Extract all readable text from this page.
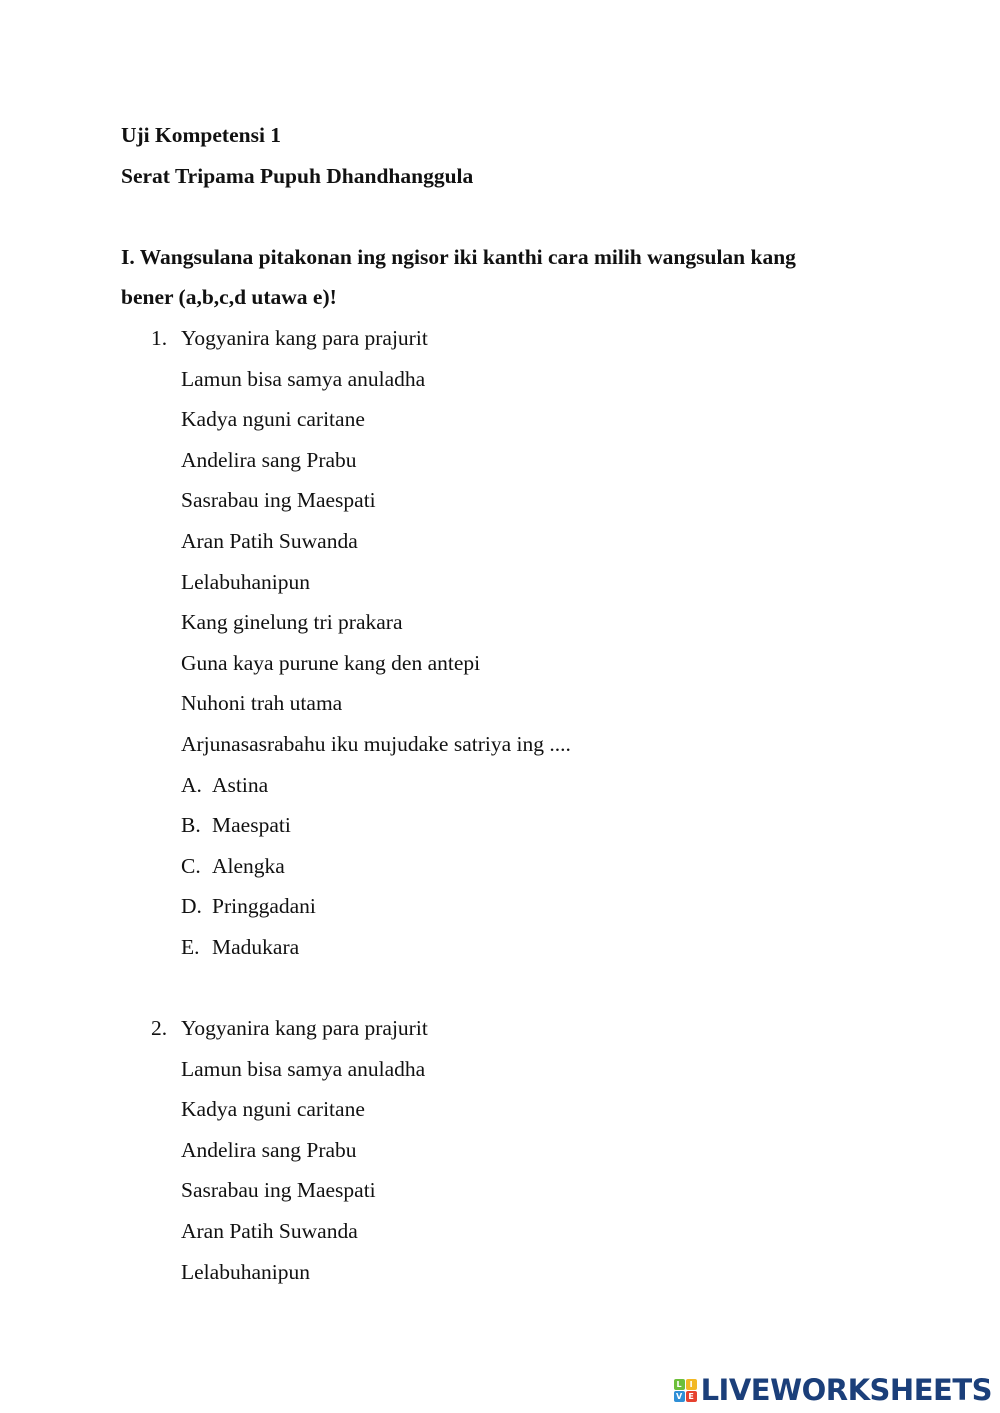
Uji Kompetensi 1
Serat Tripama Pupuh Dhandhanggula
I. Wangsulana pitakonan ing ngisor iki kanthi cara milih wangsulan kang
bener (a,b,c,d utawa e)!
1. Yogyanira kang para prajurit
Lamun bisa samya anuladha
Kadya nguni caritane
Andelira sang Prabu
Sasrabau ing Maespati
Aran Patih Suwanda
Lelabuhanipun
Kang ginelung tri prakara
Guna kaya purune kang den antepi
Nuhoni trah utama
Arjunasasrabahu iku mujudake satriya ing ....
A. Astina
B. Maespati
C. Alengka
D. Pringgadani
E. Madukara
2. Yogyanira kang para prajurit
Lamun bisa samya anuladha
Kadya nguni caritane
Andelira sang Prabu
Sasrabau ing Maespati
Aran Patih Suwanda
Lelabuhanipun
L I
V E LIVEWORKSHEETS
